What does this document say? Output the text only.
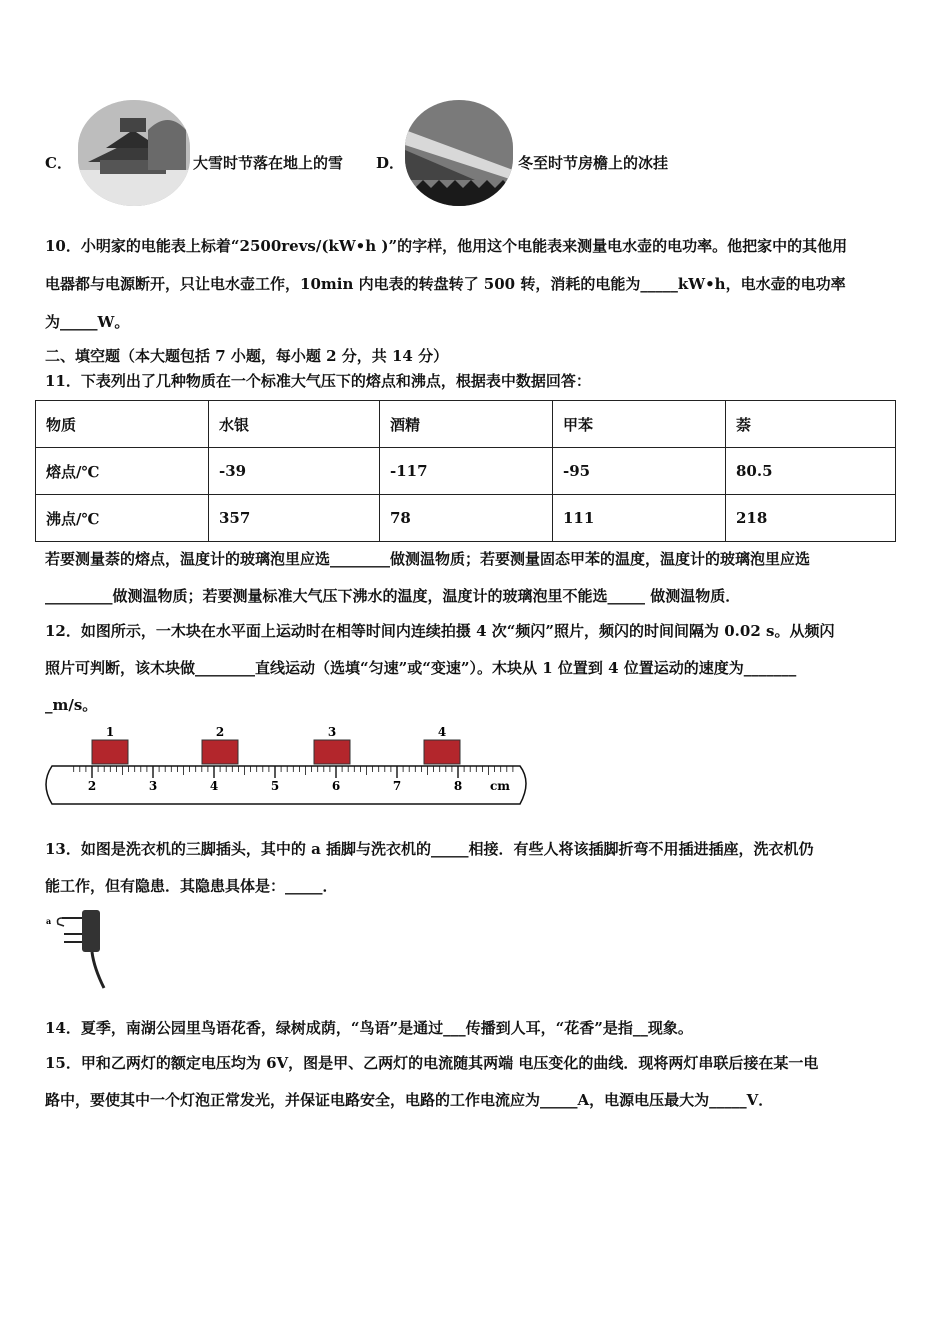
C．	大雪时节落在地上的雪 D．	冬至时节房檐上的冰挂
10．小明家的电能表上标着“2500revs/(kW•h )”的字样，他用这个电能表来测量电水壶的电功率。他把家中的其他用
电器都与电源断开，只让电水壶工作，10min 内电表的转盘转了 500 转，消耗的电能为_____kW•h，电水壶的电功率
为_____W。
二、填空题（本大题包括 7 小题，每小题 2 分，共 14 分）
11．下表列出了几种物质在一个标准大气压下的熔点和沸点，根据表中数据回答：
物质	水银	酒精	甲苯	萘
熔点/℃	-39	-117	-95	80.5
沸点/℃	357	78	111	218
若要测量萘的熔点，温度计的玻璃泡里应选________做测温物质；若要测量固态甲苯的温度，温度计的玻璃泡里应选
_________做测温物质；若要测量标准大气压下沸水的温度，温度计的玻璃泡里不能选_____ 做测温物质．
12．如图所示，一木块在水平面上运动时在相等时间内连续拍摄 4 次“频闪”照片，频闪的时间间隔为 0.02 s。从频闪
照片可判断，该木块做________直线运动（选填“匀速”或“变速”）。木块从 1 位置到 4 位置运动的速度为_______
_m/s。
1	2	3	4
2	3	4	5	6	7	8 cm
13．如图是洗衣机的三脚插头，其中的 a 插脚与洗衣机的_____相接．有些人将该插脚折弯不用插进插座，洗衣机仍
能工作，但有隐患．其隐患具体是：_____．
a
14．夏季，南湖公园里鸟语花香，绿树成荫，“鸟语”是通过___传播到人耳，“花香”是指__现象。
15．甲和乙两灯的额定电压均为 6V，图是甲、乙两灯的电流随其两端 电压变化的曲线．现将两灯串联后接在某一电
路中，要使其中一个灯泡正常发光，并保证电路安全，电路的工作电流应为_____A，电源电压最大为_____V．
